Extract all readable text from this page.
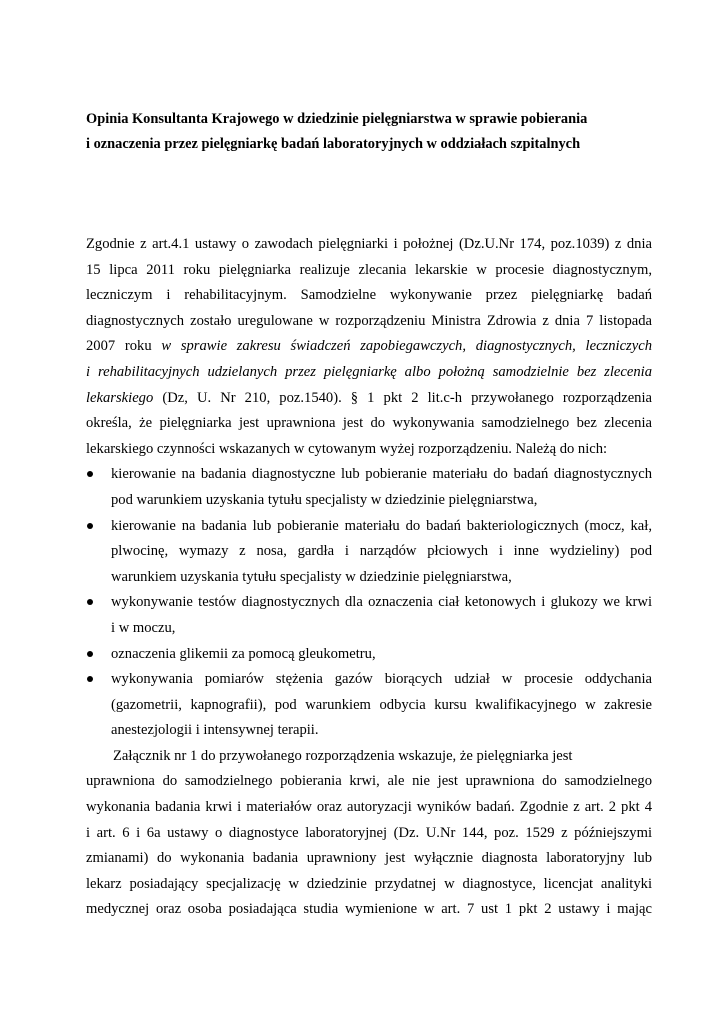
Opinia Konsultanta Krajowego w dziedzinie pielęgniarstwa w sprawie pobierania
i oznaczenia przez pielęgniarkę badań laboratoryjnych w oddziałach szpitalnych
Zgodnie z art.4.1 ustawy o zawodach pielęgniarki i położnej (Dz.U.Nr 174, poz.1039) z dnia
15 lipca 2011 roku pielęgniarka realizuje zlecania lekarskie w procesie diagnostycznym,
leczniczym i rehabilitacyjnym. Samodzielne wykonywanie przez pielęgniarkę badań
diagnostycznych zostało uregulowane w rozporządzeniu Ministra Zdrowia z dnia 7 listopada
2007 roku w sprawie zakresu świadczeń zapobiegawczych, diagnostycznych, leczniczych
i rehabilitacyjnych udzielanych przez pielęgniarkę albo położną samodzielnie bez zlecenia
lekarskiego (Dz, U. Nr 210, poz.1540). § 1 pkt 2 lit.c-h przywołanego rozporządzenia
określa, że pielęgniarka jest uprawniona jest do wykonywania samodzielnego bez zlecenia
lekarskiego czynności wskazanych w cytowanym wyżej rozporządzeniu. Należą do nich:
kierowanie na badania diagnostyczne lub pobieranie materiału do badań diagnostycznych
pod warunkiem uzyskania tytułu specjalisty w dziedzinie pielęgniarstwa,
kierowanie na badania lub pobieranie materiału do badań bakteriologicznych (mocz, kał,
plwocinę, wymazy z nosa, gardła i narządów płciowych i inne wydzieliny) pod
warunkiem uzyskania tytułu specjalisty w dziedzinie pielęgniarstwa,
wykonywanie testów diagnostycznych dla oznaczenia ciał ketonowych i glukozy we krwi
i w moczu,
oznaczenia glikemii za pomocą gleukometru,
wykonywania pomiarów stężenia gazów biorących udział w procesie oddychania
(gazometrii, kapnografii), pod warunkiem odbycia kursu kwalifikacyjnego w zakresie
anestezjologii i intensywnej terapii.
Załącznik nr 1 do przywołanego rozporządzenia wskazuje, że pielęgniarka jest
uprawniona do samodzielnego pobierania krwi, ale nie jest uprawniona do samodzielnego
wykonania badania krwi i materiałów oraz autoryzacji wyników badań. Zgodnie z art. 2 pkt 4
i art. 6 i 6a ustawy o diagnostyce laboratoryjnej (Dz. U.Nr 144, poz. 1529 z późniejszymi
zmianami) do wykonania badania uprawniony jest wyłącznie diagnosta laboratoryjny lub
lekarz posiadający specjalizację w dziedzinie przydatnej w diagnostyce, licencjat analityki
medycznej oraz osoba posiadająca studia wymienione w art. 7 ust 1 pkt 2 ustawy i mając
